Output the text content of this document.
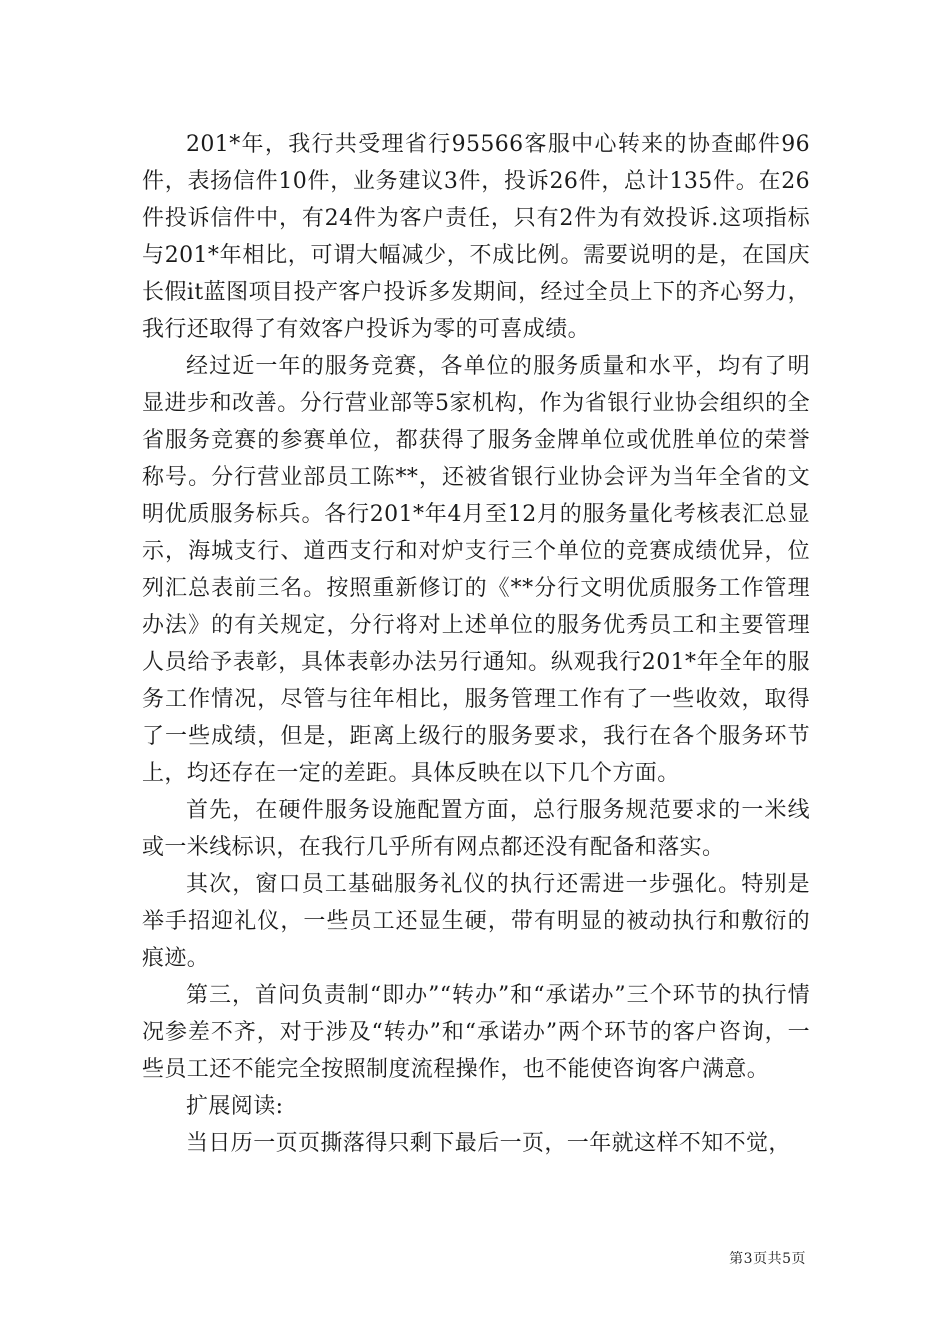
201*年，我行共受理省行95566客服中心转来的协查邮件96件，表扬信件10件，业务建议3件，投诉26件，总计135件。在26件投诉信件中，有24件为客户责任，只有2件为有效投诉.这项指标与201*年相比，可谓大幅减少，不成比例。需要说明的是，在国庆长假it蓝图项目投产客户投诉多发期间，经过全员上下的齐心努力，我行还取得了有效客户投诉为零的可喜成绩。

经过近一年的服务竞赛，各单位的服务质量和水平，均有了明显进步和改善。分行营业部等5家机构，作为省银行业协会组织的全省服务竞赛的参赛单位，都获得了服务金牌单位或优胜单位的荣誉称号。分行营业部员工陈**，还被省银行业协会评为当年全省的文明优质服务标兵。各行201*年4月至12月的服务量化考核表汇总显示，海城支行、道西支行和对炉支行三个单位的竞赛成绩优异，位列汇总表前三名。按照重新修订的《**分行文明优质服务工作管理办法》的有关规定，分行将对上述单位的服务优秀员工和主要管理人员给予表彰，具体表彰办法另行通知。纵观我行201*年全年的服务工作情况，尽管与往年相比，服务管理工作有了一些收效，取得了一些成绩，但是，距离上级行的服务要求，我行在各个服务环节上，均还存在一定的差距。具体反映在以下几个方面。

首先，在硬件服务设施配置方面，总行服务规范要求的一米线或一米线标识，在我行几乎所有网点都还没有配备和落实。

其次，窗口员工基础服务礼仪的执行还需进一步强化。特别是举手招迎礼仪，一些员工还显生硬，带有明显的被动执行和敷衍的痕迹。

第三，首问负责制“即办”“转办”和“承诺办”三个环节的执行情况参差不齐，对于涉及“转办”和“承诺办”两个环节的客户咨询，一些员工还不能完全按照制度流程操作，也不能使咨询客户满意。

扩展阅读:

当日历一页页撕落得只剩下最后一页，一年就这样不知不觉，

第3页共5页
